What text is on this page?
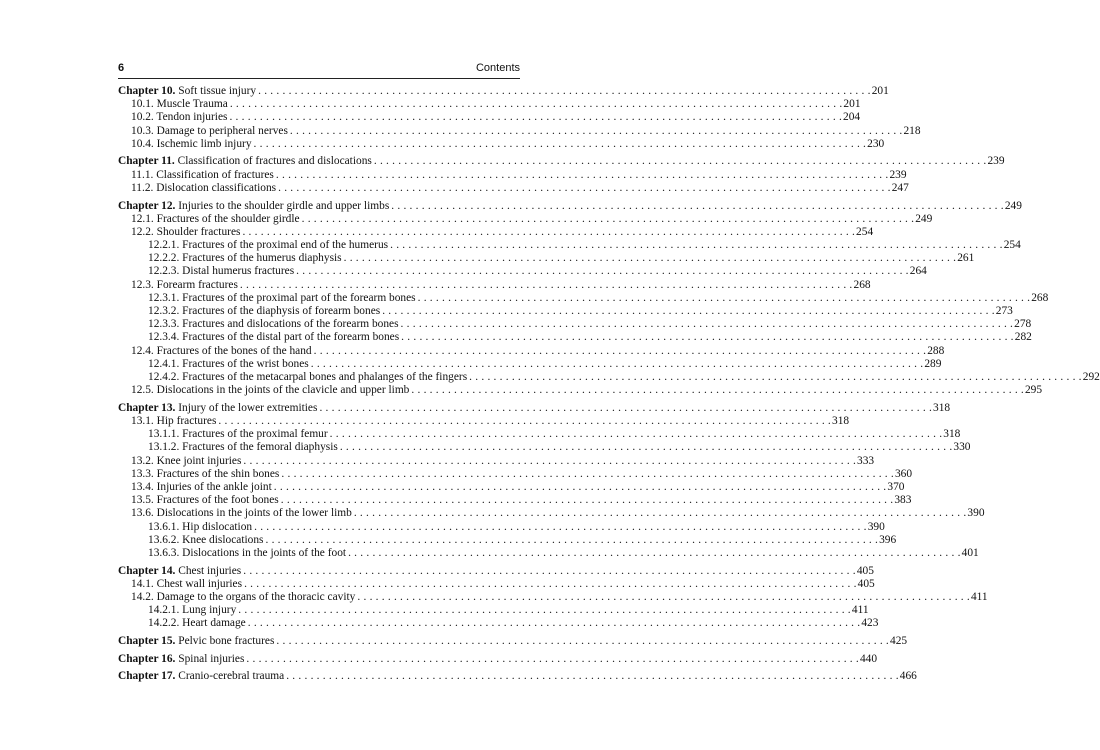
6	Contents
Chapter 10. Soft tissue injury . . .	201
10.1. Muscle Trauma . . .	201
10.2. Tendon injuries . . .	204
10.3. Damage to peripheral nerves . . .	218
10.4. Ischemic limb injury . . .	230
Chapter 11. Classification of fractures and dislocations . . .	239
11.1. Classification of fractures . . .	239
11.2. Dislocation classifications . . .	247
Chapter 12. Injuries to the shoulder girdle and upper limbs . . .	249
12.1. Fractures of the shoulder girdle . . .	249
12.2. Shoulder fractures . . .	254
12.2.1. Fractures of the proximal end of the humerus . . .	254
12.2.2. Fractures of the humerus diaphysis . . .	261
12.2.3. Distal humerus fractures . . .	264
12.3. Forearm fractures . . .	268
12.3.1. Fractures of the proximal part of the forearm bones . . .	268
12.3.2. Fractures of the diaphysis of forearm bones . . .	273
12.3.3. Fractures and dislocations of the forearm bones . . .	278
12.3.4. Fractures of the distal part of the forearm bones . . .	282
12.4. Fractures of the bones of the hand . . .	288
12.4.1. Fractures of the wrist bones . . .	289
12.4.2. Fractures of the metacarpal bones and phalanges of the fingers . . .	292
12.5. Dislocations in the joints of the clavicle and upper limb . . .	295
Chapter 13. Injury of the lower extremities . . .	318
13.1. Hip fractures . . .	318
13.1.1. Fractures of the proximal femur . . .	318
13.1.2. Fractures of the femoral diaphysis . . .	330
13.2. Knee joint injuries . . .	333
13.3. Fractures of the shin bones . . .	360
13.4. Injuries of the ankle joint . . .	370
13.5. Fractures of the foot bones . . .	383
13.6. Dislocations in the joints of the lower limb . . .	390
13.6.1. Hip dislocation . . .	390
13.6.2. Knee dislocations . . .	396
13.6.3. Dislocations in the joints of the foot . . .	401
Chapter 14. Chest injuries . . .	405
14.1. Chest wall injuries . . .	405
14.2. Damage to the organs of the thoracic cavity . . .	411
14.2.1. Lung injury . . .	411
14.2.2. Heart damage . . .	423
Chapter 15. Pelvic bone fractures . . .	425
Chapter 16. Spinal injuries . . .	440
Chapter 17. Cranio-cerebral trauma . . .	466
